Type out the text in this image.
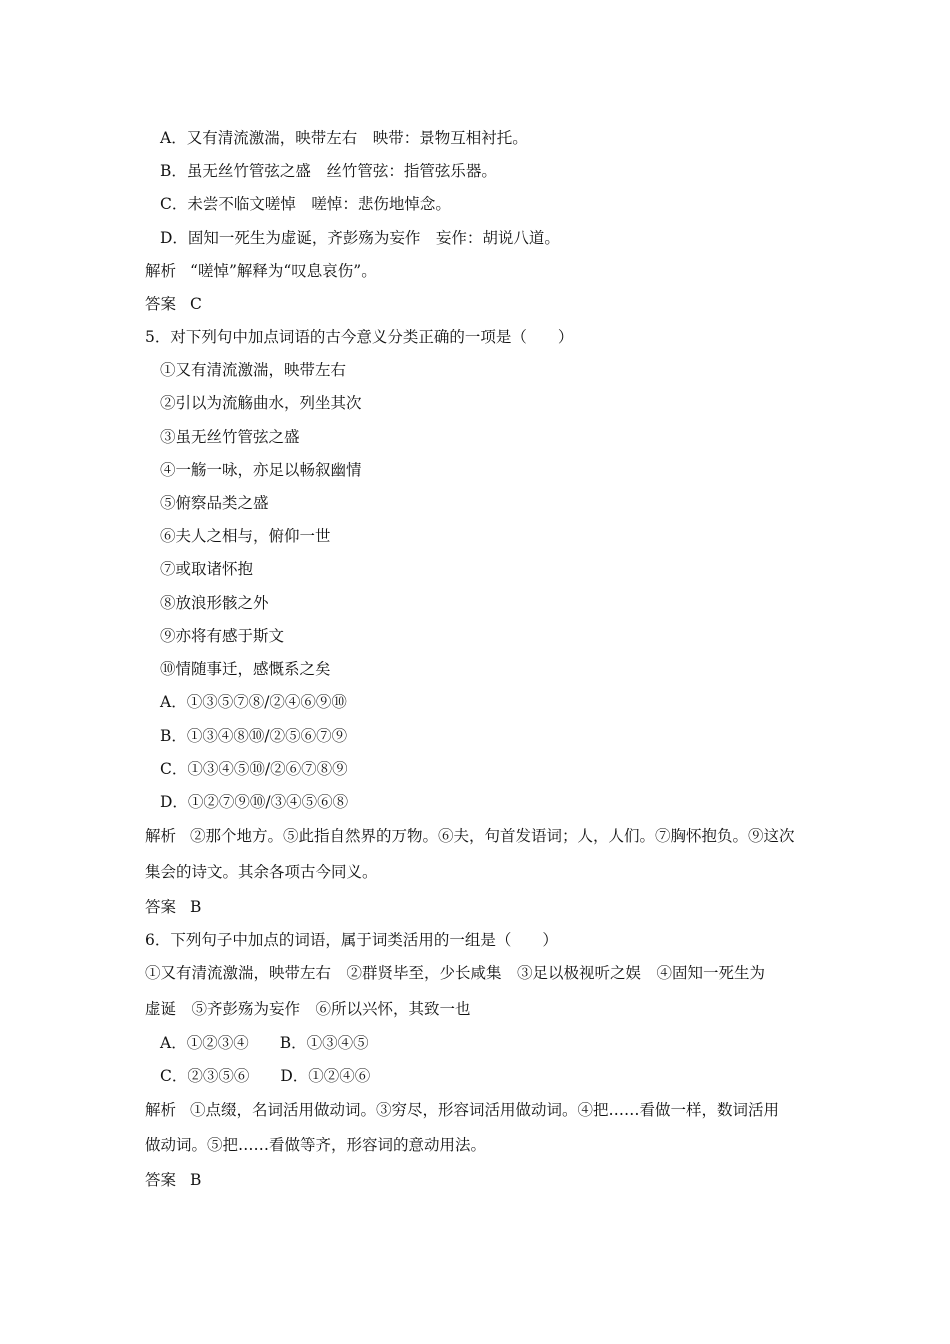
A．又有清流激湍，映带左右　映带：景物互相衬托。
B．虽无丝竹管弦之盛　丝竹管弦：指管弦乐器。
C．未尝不临文嗟悼　嗟悼：悲伤地悼念。
D．固知一死生为虚诞，齐彭殇为妄作　妄作：胡说八道。
解析 “嗟悼”解释为“叹息哀伤”。
答案 C
5．对下列句中加点词语的古今意义分类正确的一项是（　　）
①又有清流激湍，映带左右
②引以为流觞曲水，列坐其次
③虽无丝竹管弦之盛
④一觞一咏，亦足以畅叙幽情
⑤俯察品类之盛
⑥夫人之相与，俯仰一世
⑦或取诸怀抱
⑧放浪形骸之外
⑨亦将有感于斯文
⑩情随事迁，感慨系之矣
A．①③⑤⑦⑧/②④⑥⑨⑩
B．①③④⑧⑩/②⑤⑥⑦⑨
C．①③④⑤⑩/②⑥⑦⑧⑨
D．①②⑦⑨⑩/③④⑤⑥⑧
解析 ②那个地方。⑤此指自然界的万物。⑥夫，句首发语词；人，人们。⑦胸怀抱负。⑨这次
集会的诗文。其余各项古今同义。
答案 B
6．下列句子中加点的词语，属于词类活用的一组是（　　）
①又有清流激湍，映带左右　②群贤毕至，少长咸集　③足以极视听之娱　④固知一死生为
虚诞　⑤齐彭殇为妄作　⑥所以兴怀，其致一也
A．①②③④　　B．①③④⑤
C．②③⑤⑥　　D．①②④⑥
解析 ①点缀，名词活用做动词。③穷尽，形容词活用做动词。④把……看做一样，数词活用
做动词。⑤把……看做等齐，形容词的意动用法。
答案 B
